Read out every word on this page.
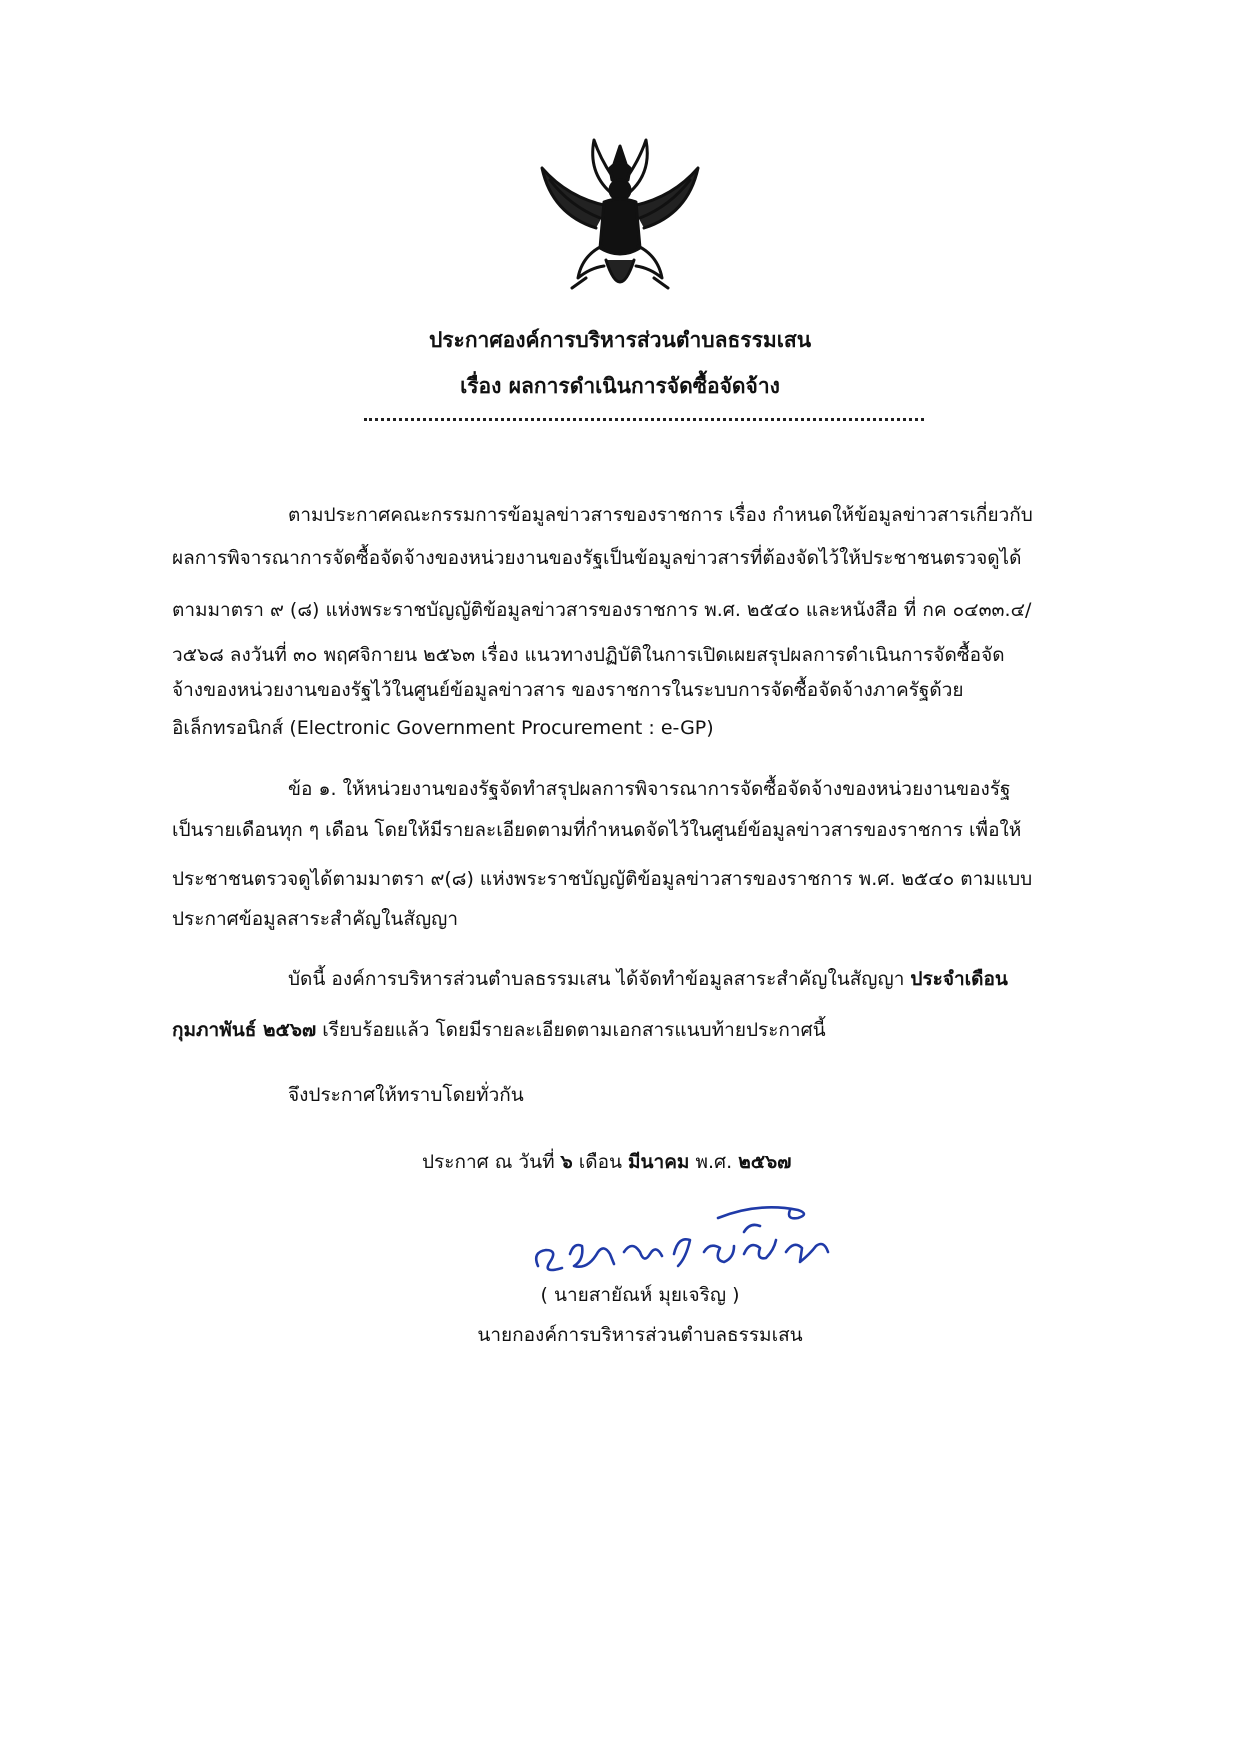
ประกาศองค์การบริหารส่วนตำบลธรรมเสน
เรื่อง ผลการดำเนินการจัดซื้อจัดจ้าง
ตามประกาศคณะกรรมการข้อมูลข่าวสารของราชการ เรื่อง กำหนดให้ข้อมูลข่าวสารเกี่ยวกับ
ผลการพิจารณาการจัดซื้อจัดจ้างของหน่วยงานของรัฐเป็นข้อมูลข่าวสารที่ต้องจัดไว้ให้ประชาชนตรวจดูได้
ตามมาตรา ๙ (๘) แห่งพระราชบัญญัติข้อมูลข่าวสารของราชการ พ.ศ. ๒๕๔๐ และหนังสือ ที่ กค ๐๔๓๓.๔/
ว๕๖๘ ลงวันที่ ๓๐ พฤศจิกายน ๒๕๖๓ เรื่อง แนวทางปฏิบัติในการเปิดเผยสรุปผลการดำเนินการจัดซื้อจัด
จ้างของหน่วยงานของรัฐไว้ในศูนย์ข้อมูลข่าวสาร ของราชการในระบบการจัดซื้อจัดจ้างภาครัฐด้วย
อิเล็กทรอนิกส์ (Electronic Government Procurement : e-GP)
ข้อ ๑. ให้หน่วยงานของรัฐจัดทำสรุปผลการพิจารณาการจัดซื้อจัดจ้างของหน่วยงานของรัฐ
เป็นรายเดือนทุก ๆ เดือน โดยให้มีรายละเอียดตามที่กำหนดจัดไว้ในศูนย์ข้อมูลข่าวสารของราชการ เพื่อให้
ประชาชนตรวจดูได้ตามมาตรา ๙(๘) แห่งพระราชบัญญัติข้อมูลข่าวสารของราชการ พ.ศ. ๒๕๔๐ ตามแบบ
ประกาศข้อมูลสาระสำคัญในสัญญา
บัดนี้ องค์การบริหารส่วนตำบลธรรมเสน ได้จัดทำข้อมูลสาระสำคัญในสัญญา ประจำเดือน
กุมภาพันธ์ ๒๕๖๗ เรียบร้อยแล้ว โดยมีรายละเอียดตามเอกสารแนบท้ายประกาศนี้
จึงประกาศให้ทราบโดยทั่วกัน
ประกาศ ณ วันที่ ๖ เดือน มีนาคม พ.ศ. ๒๕๖๗
( นายสายัณห์ มุยเจริญ )
นายกองค์การบริหารส่วนตำบลธรรมเสน
